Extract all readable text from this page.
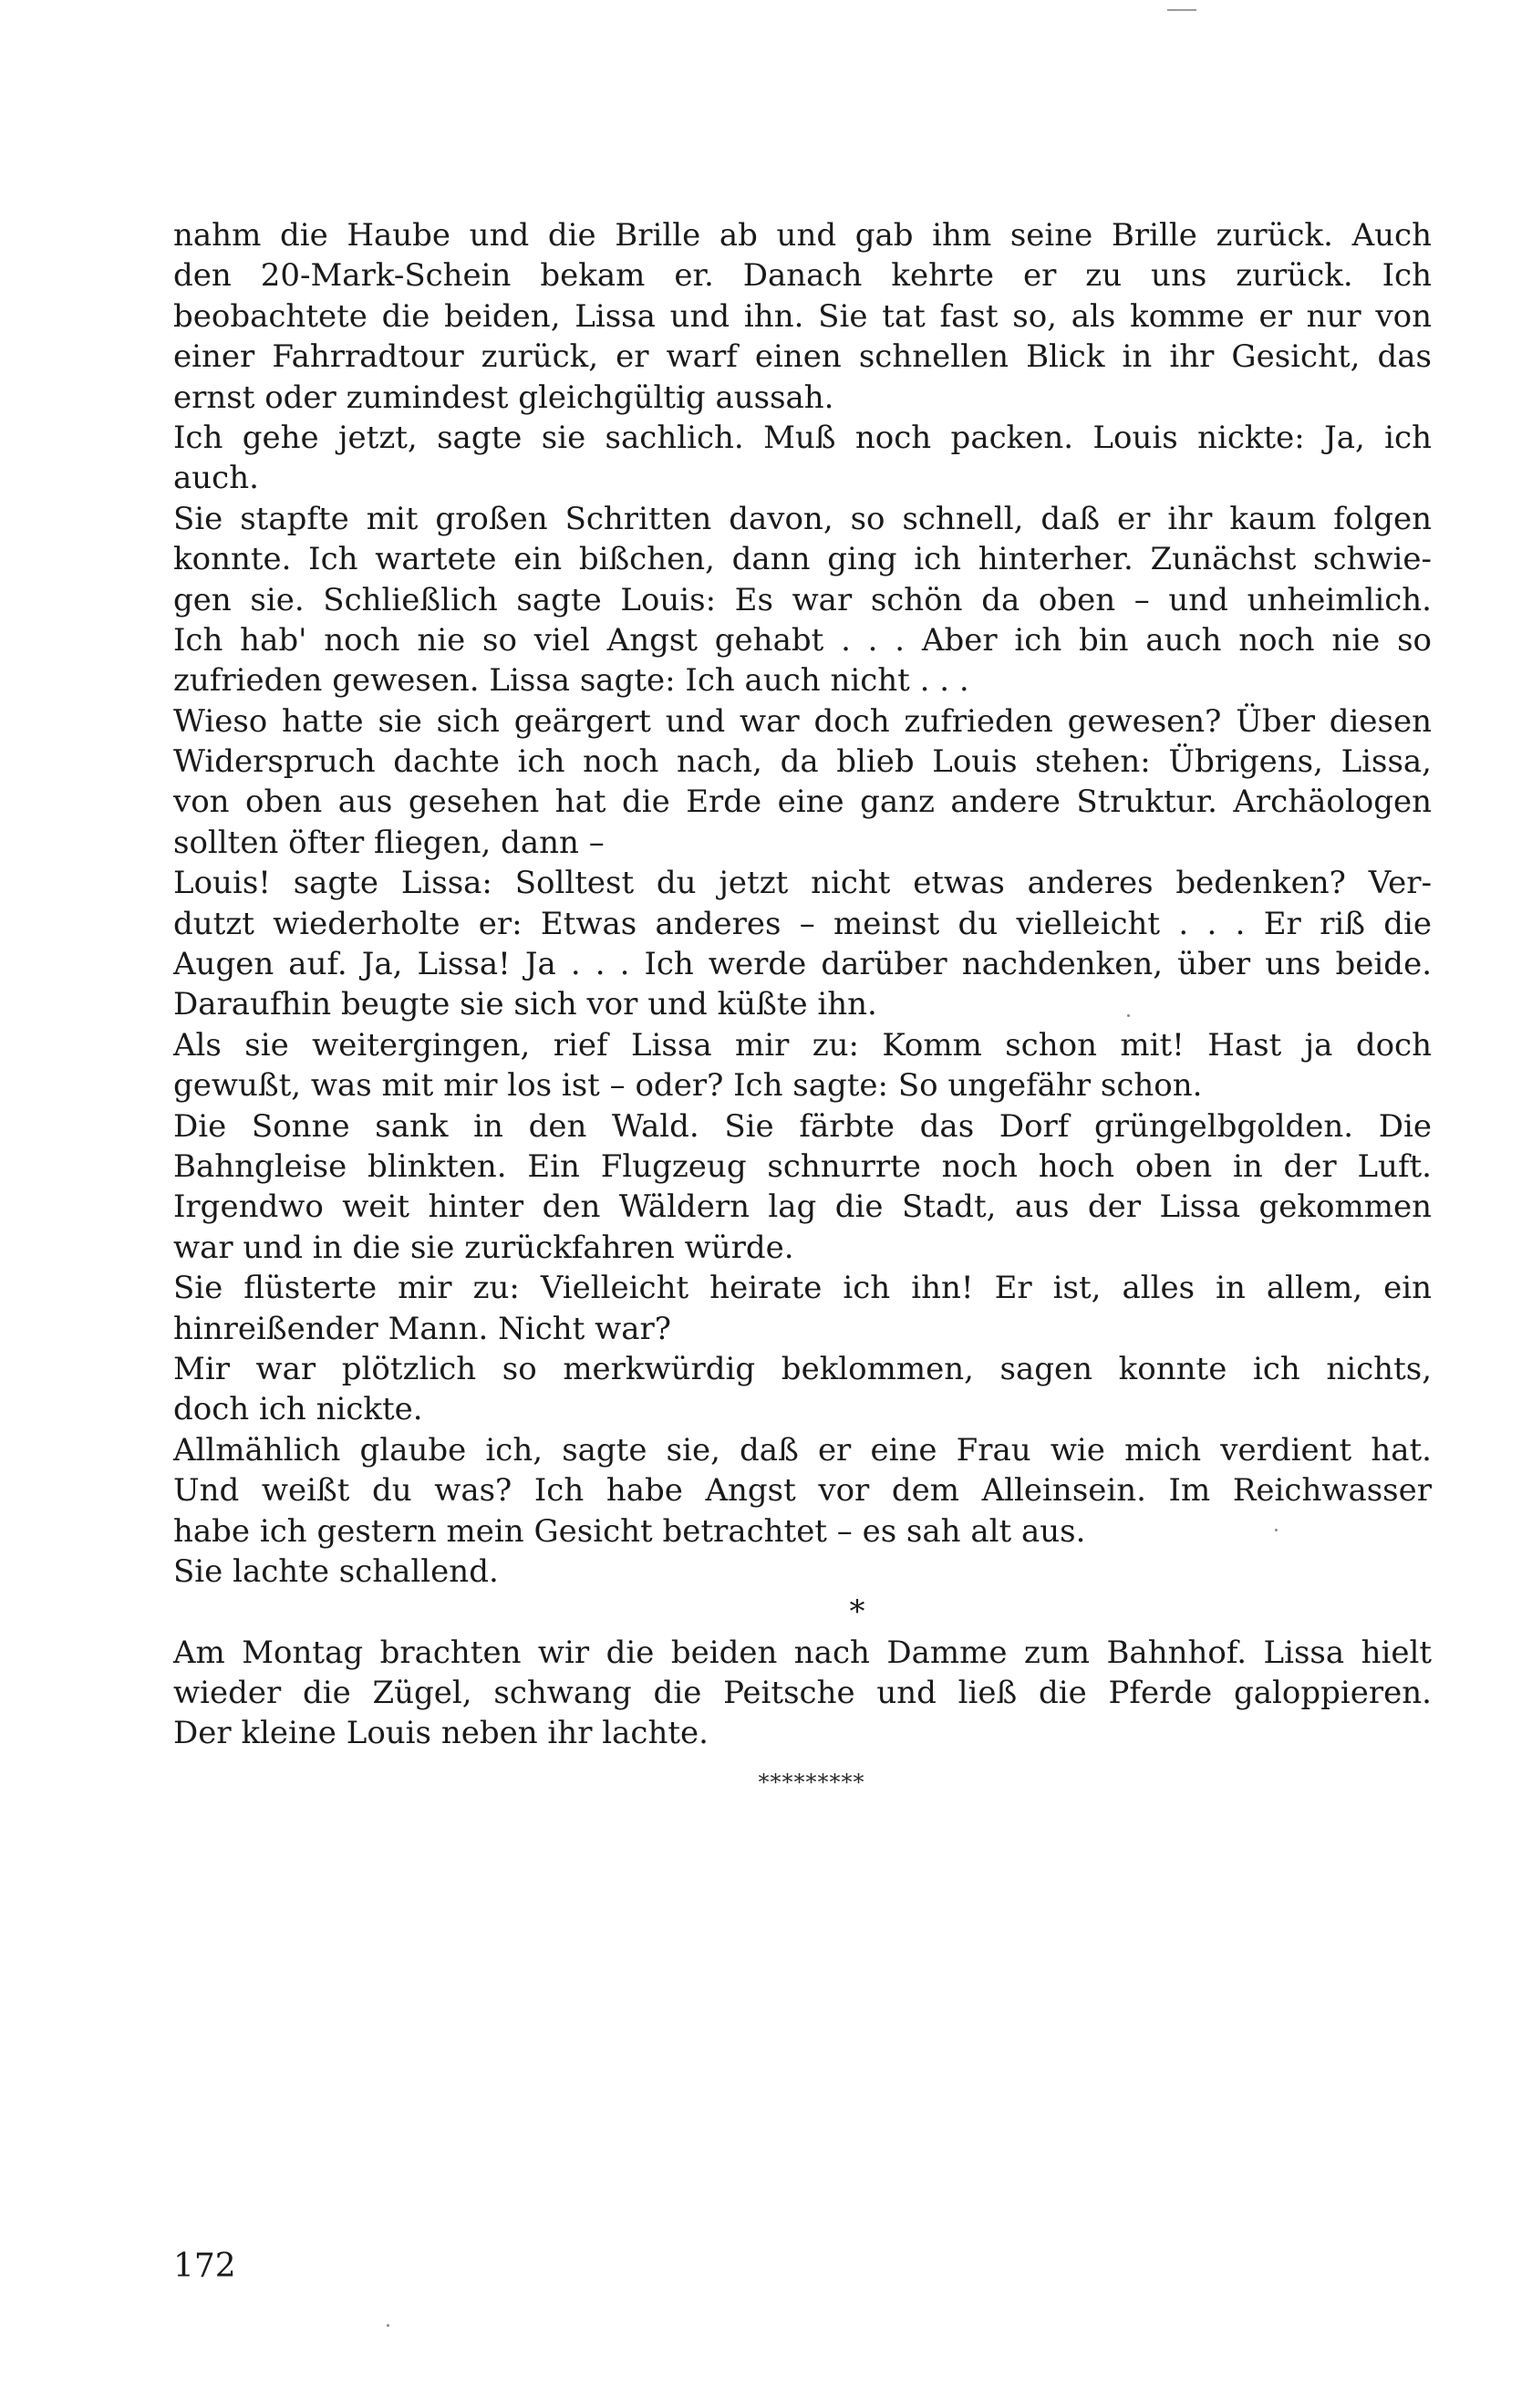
nahm die Haube und die Brille ab und gab ihm seine Brille zurück. Auch
den 20-Mark-Schein bekam er. Danach kehrte er zu uns zurück. Ich
beobachtete die beiden, Lissa und ihn. Sie tat fast so, als komme er nur von
einer Fahrradtour zurück, er warf einen schnellen Blick in ihr Gesicht, das
ernst oder zumindest gleichgültig aussah.
Ich gehe jetzt, sagte sie sachlich. Muß noch packen. Louis nickte: Ja, ich
auch.
Sie stapfte mit großen Schritten davon, so schnell, daß er ihr kaum folgen
konnte. Ich wartete ein bißchen, dann ging ich hinterher. Zunächst schwie-
gen sie. Schließlich sagte Louis: Es war schön da oben – und unheimlich.
Ich hab' noch nie so viel Angst gehabt . . . Aber ich bin auch noch nie so
zufrieden gewesen. Lissa sagte: Ich auch nicht . . .
Wieso hatte sie sich geärgert und war doch zufrieden gewesen? Über diesen
Widerspruch dachte ich noch nach, da blieb Louis stehen: Übrigens, Lissa,
von oben aus gesehen hat die Erde eine ganz andere Struktur. Archäologen
sollten öfter fliegen, dann –
Louis! sagte Lissa: Solltest du jetzt nicht etwas anderes bedenken? Ver-
dutzt wiederholte er: Etwas anderes – meinst du vielleicht . . . Er riß die
Augen auf. Ja, Lissa! Ja . . . Ich werde darüber nachdenken, über uns beide.
Daraufhin beugte sie sich vor und küßte ihn.
Als sie weitergingen, rief Lissa mir zu: Komm schon mit! Hast ja doch
gewußt, was mit mir los ist – oder? Ich sagte: So ungefähr schon.
Die Sonne sank in den Wald. Sie färbte das Dorf grüngelbgolden. Die
Bahngleise blinkten. Ein Flugzeug schnurrte noch hoch oben in der Luft.
Irgendwo weit hinter den Wäldern lag die Stadt, aus der Lissa gekommen
war und in die sie zurückfahren würde.
Sie flüsterte mir zu: Vielleicht heirate ich ihn! Er ist, alles in allem, ein
hinreißender Mann. Nicht war?
Mir war plötzlich so merkwürdig beklommen, sagen konnte ich nichts,
doch ich nickte.
Allmählich glaube ich, sagte sie, daß er eine Frau wie mich verdient hat.
Und weißt du was? Ich habe Angst vor dem Alleinsein. Im Reichwasser
habe ich gestern mein Gesicht betrachtet – es sah alt aus.
Sie lachte schallend.
*
Am Montag brachten wir die beiden nach Damme zum Bahnhof. Lissa hielt
wieder die Zügel, schwang die Peitsche und ließ die Pferde galoppieren.
Der kleine Louis neben ihr lachte.
*********
172
